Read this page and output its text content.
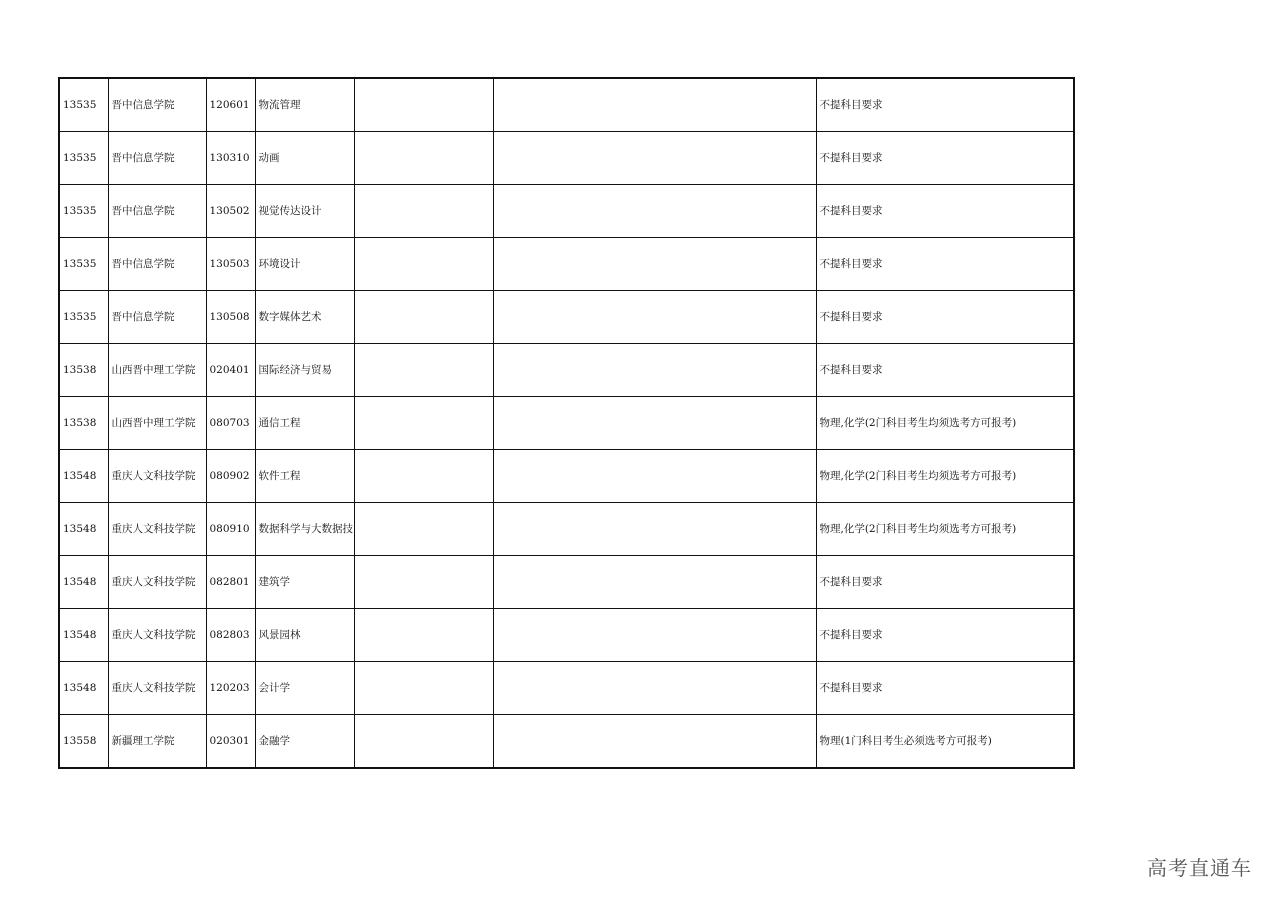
13535	晋中信息学院	120601	物流管理			不提科目要求
13535	晋中信息学院	130310	动画			不提科目要求
13535	晋中信息学院	130502	视觉传达设计			不提科目要求
13535	晋中信息学院	130503	环境设计			不提科目要求
13535	晋中信息学院	130508	数字媒体艺术			不提科目要求
13538	山西晋中理工学院	020401	国际经济与贸易			不提科目要求
13538	山西晋中理工学院	080703	通信工程			物理,化学(2门科目考生均须选考方可报考)
13548	重庆人文科技学院	080902	软件工程			物理,化学(2门科目考生均须选考方可报考)
13548	重庆人文科技学院	080910	数据科学与大数据技			物理,化学(2门科目考生均须选考方可报考)
13548	重庆人文科技学院	082801	建筑学			不提科目要求
13548	重庆人文科技学院	082803	风景园林			不提科目要求
13548	重庆人文科技学院	120203	会计学			不提科目要求
13558	新疆理工学院	020301	金融学			物理(1门科目考生必须选考方可报考)
高考直通车
